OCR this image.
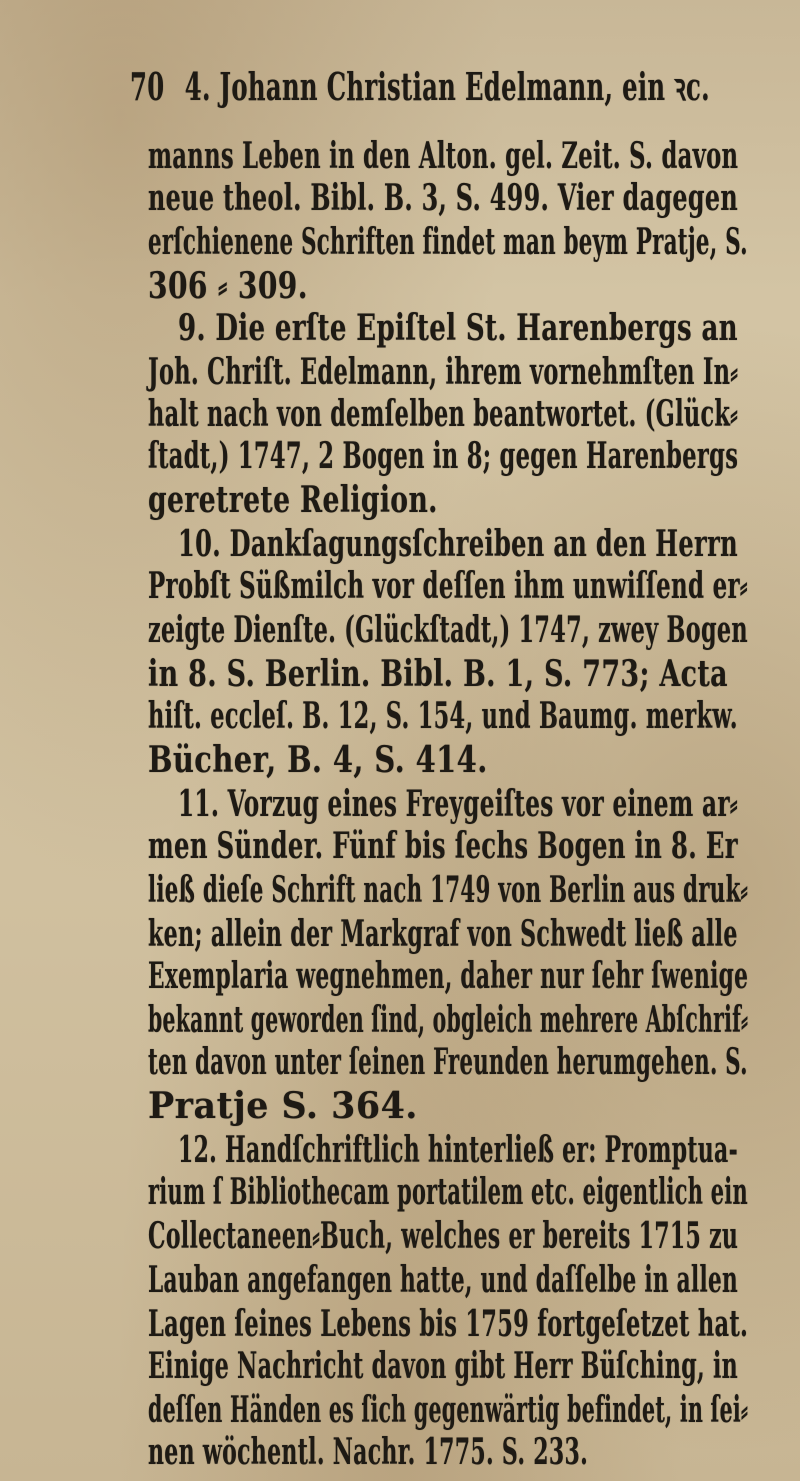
70 4. Johann Christian Edelmann, ein ꝛc.
manns Leben in den Alton. gel. Zeit. S. davon
neue theol. Bibl. B. 3, S. 499. Vier dagegen
erſchienene Schriften findet man beym Pratje, S.
306 ⸗ 309.
9. Die erſte Epiſtel St. Harenbergs an
Joh. Chriſt. Edelmann, ihrem vornehmſten In⸗
halt nach von demſelben beantwortet. (Glück⸗
ſtadt,) 1747, 2 Bogen in 8; gegen Harenbergs
geretrete Religion.
10. Dankſagungsſchreiben an den Herrn
Probſt Süßmilch vor deſſen ihm unwiſſend er⸗
zeigte Dienſte. (Glückſtadt,) 1747, zwey Bogen
in 8. S. Berlin. Bibl. B. 1, S. 773; Acta
hiſt. eccleſ. B. 12, S. 154, und Baumg. merkw.
Bücher, B. 4, S. 414.
11. Vorzug eines Freygeiſtes vor einem ar⸗
men Sünder. Fünf bis ſechs Bogen in 8. Er
ließ dieſe Schrift nach 1749 von Berlin aus druk⸗
ken; allein der Markgraf von Schwedt ließ alle
Exemplaria wegnehmen, daher nur ſehr ſwenige
bekannt geworden ſind, obgleich mehrere Abſchrif⸗
ten davon unter ſeinen Freunden herumgehen. S.
Pratje S. 364.
12. Handſchriftlich hinterließ er: Promptua-
rium ſ Bibliothecam portatilem etc. eigentlich ein
Collectaneen⸗Buch, welches er bereits 1715 zu
Lauban angefangen hatte, und daſſelbe in allen
Lagen ſeines Lebens bis 1759 fortgeſetzet hat.
Einige Nachricht davon gibt Herr Büſching, in
deſſen Händen es ſich gegenwärtig befindet, in ſei⸗
nen wöchentl. Nachr. 1775. S. 233.
